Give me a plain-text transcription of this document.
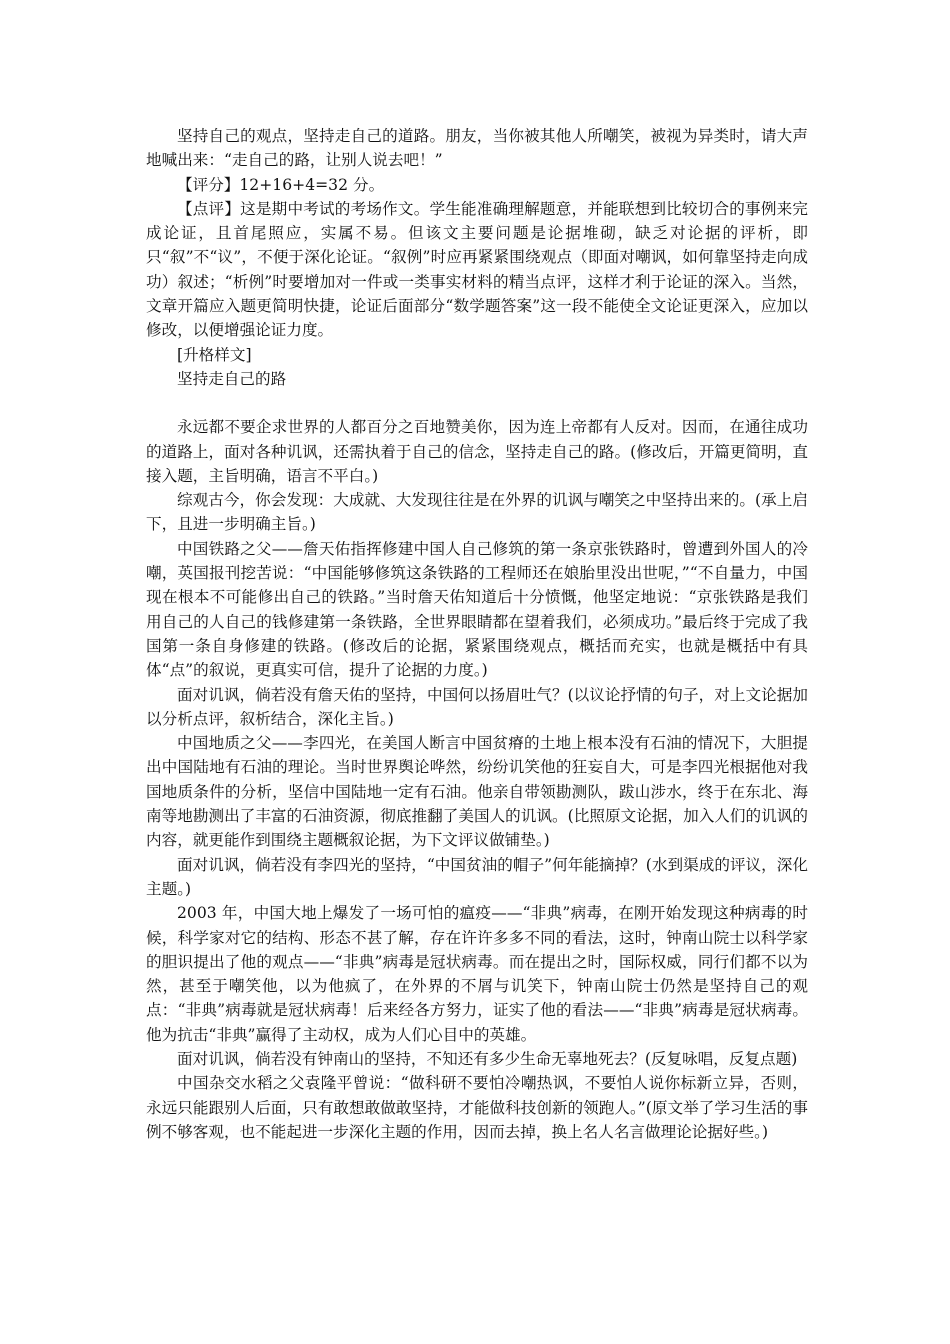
坚持自己的观点，坚持走自己的道路。朋友，当你被其他人所嘲笑，被视为异类时，请大声地喊出来：“走自己的路，让别人说去吧！”

【评分】12+16+4=32 分。

【点评】这是期中考试的考场作文。学生能准确理解题意，并能联想到比较切合的事例来完成论证，且首尾照应，实属不易。但该文主要问题是论据堆砌，缺乏对论据的评析，即只“叙”不“议”，不便于深化论证。“叙例”时应再紧紧围绕观点（即面对嘲讽，如何靠坚持走向成功）叙述；“析例”时要增加对一件或一类事实材料的精当点评，这样才利于论证的深入。当然，文章开篇应入题更简明快捷，论证后面部分“数学题答案”这一段不能使全文论证更深入，应加以修改，以便增强论证力度。

[升格样文]

坚持走自己的路

永远都不要企求世界的人都百分之百地赞美你，因为连上帝都有人反对。因而，在通往成功的道路上，面对各种讥讽，还需执着于自己的信念，坚持走自己的路。(修改后，开篇更简明，直接入题，主旨明确，语言不平白。)

综观古今，你会发现：大成就、大发现往往是在外界的讥讽与嘲笑之中坚持出来的。(承上启下，且进一步明确主旨。)

中国铁路之父——詹天佑指挥修建中国人自己修筑的第一条京张铁路时，曾遭到外国人的冷嘲，英国报刊挖苦说：“中国能够修筑这条铁路的工程师还在娘胎里没出世呢，”“不自量力，中国现在根本不可能修出自己的铁路。”当时詹天佑知道后十分愤慨，他坚定地说：“京张铁路是我们用自己的人自己的钱修建第一条铁路，全世界眼睛都在望着我们，必须成功。”最后终于完成了我国第一条自身修建的铁路。(修改后的论据，紧紧围绕观点，概括而充实，也就是概括中有具体“点”的叙说，更真实可信，提升了论据的力度。)

面对讥讽，倘若没有詹天佑的坚持，中国何以扬眉吐气？(以议论抒情的句子，对上文论据加以分析点评，叙析结合，深化主旨。)

中国地质之父——李四光，在美国人断言中国贫瘠的土地上根本没有石油的情况下，大胆提出中国陆地有石油的理论。当时世界舆论哗然，纷纷讥笑他的狂妄自大，可是李四光根据他对我国地质条件的分析，坚信中国陆地一定有石油。他亲自带领勘测队，跋山涉水，终于在东北、海南等地勘测出了丰富的石油资源，彻底推翻了美国人的讥讽。(比照原文论据，加入人们的讥讽的内容，就更能作到围绕主题概叙论据，为下文评议做铺垫。)

面对讥讽，倘若没有李四光的坚持，“中国贫油的帽子”何年能摘掉？(水到渠成的评议，深化主题。)

2003 年，中国大地上爆发了一场可怕的瘟疫——“非典”病毒，在刚开始发现这种病毒的时候，科学家对它的结构、形态不甚了解，存在许许多多不同的看法，这时，钟南山院士以科学家的胆识提出了他的观点——“非典”病毒是冠状病毒。而在提出之时，国际权威，同行们都不以为然，甚至于嘲笑他，以为他疯了，在外界的不屑与讥笑下，钟南山院士仍然是坚持自己的观点：“非典”病毒就是冠状病毒！后来经各方努力，证实了他的看法——“非典”病毒是冠状病毒。他为抗击“非典”赢得了主动权，成为人们心目中的英雄。

面对讥讽，倘若没有钟南山的坚持，不知还有多少生命无辜地死去？(反复咏唱，反复点题)

中国杂交水稻之父袁隆平曾说：“做科研不要怕冷嘲热讽，不要怕人说你标新立异，否则，永远只能跟别人后面，只有敢想敢做敢坚持，才能做科技创新的领跑人。”(原文举了学习生活的事例不够客观，也不能起进一步深化主题的作用，因而去掉，换上名人名言做理论论据好些。)
